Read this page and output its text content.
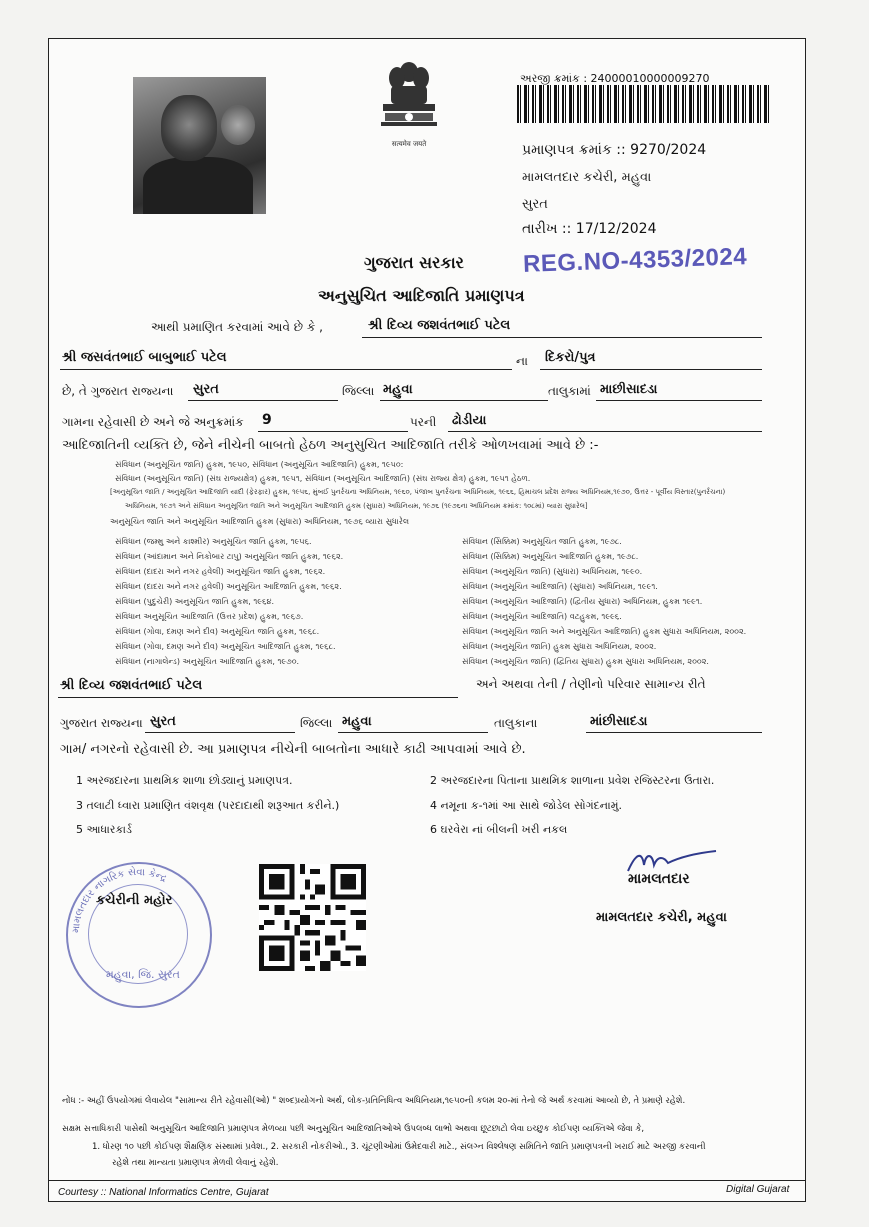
सत्यमेव जयते
અરજી ક્રમાંક : 24000010000009270
પ્રમાણપત્ર ક્રમાંક :: 9270/2024
મામલતદાર કચેરી, મહુવા
સુરત
તારીખ :: 17/12/2024
REG.NO-4353/2024
ગુજરાત સરકાર
અનુસુચિત આદિજાતિ પ્રમાણપત્ર
આથી પ્રમાણિત કરવામાં આવે છે કે ,	શ્રી દિવ્ય જશવંતભાઈ પટેલ
શ્રી જસવંતભાઈ બાબુભાઈ પટેલ	ના દિકરો/પુત્ર
છે, તે ગુજરાત રાજ્યના સુરત	જિલ્લા મહુવા	તાલુકામાં માછીસાદડા
ગામના રહેવાસી છે અને જે અનુક્રમાંક 9	પરની ઢોડીયા
આદિજાતિની વ્યક્તિ છે, જેને નીચેની બાબતો હેઠળ અનુસુચિત આદિજાતિ તરીકે ઓળખવામાં આવે છે :-
સંવિધાન (અનુસૂચિત જાતિ) હુકમ, ૧૯૫૦, સંવિધાન (અનુસૂચિત આદિજાતિ) હુકમ, ૧૯૫૦:
સંવિધાન (અનુસૂચિત જાતિ) (સંઘ રાજ્યક્ષેત્ર) હુકમ, ૧૯૫૧, સંવિધાન (અનુસૂચિત આદિજાતિ) (સંઘ રાજ્ય ક્ષેત્ર) હુકમ, ૧૯૫૧ હેઠળ.
[અનુસૂચિત જાતિ / અનુસૂચિત આદિજાતિ યાદી (ફેરફાર) હુકમ, ૧૯૫૬, મુંબઈ પુનર્રચના અધિનિયમ, ૧૯૬૦, પંજાબ પુનર્રચના અધિનિયમ, ૧૯૬૬, હિમાચલ પ્રદેશ રાજ્ય અધિનિયમ,૧૯૭૦, ઉત્તર - પૂર્વીય વિસ્તાર(પુનર્રચના)
અધિનિયમ, ૧૯૭૧ અને સંવિધાન અનુસૂચિત જાતિ અને અનુસૂચિત આદિજાતિ હુકમ (સુધારા) અધિનિયમ, ૧૯૭૬ (૧૯૭૬ના અધિનિયમ ક્રમાંક: ૧૦૮માં) વ્યારા સુધારેલ]
અનુસૂચિત જાતિ અને અનુસૂચિત આદિજાતિ હુકમ (સુધારા) અધિનિયમ, ૧૯૭૬ વ્યારા સુધારેલ
સંવિધાન (જમ્મુ અને કાશ્મીર) અનુસૂચિત જાતિ હુકમ, ૧૯૫૬.
સંવિધાન (આંદામાન અને નિકોબાર ટાપુ) અનુસૂચિત જાતિ હુકમ, ૧૯૬૨.
સંવિધાન (દાદરા અને નગર હવેલી) અનુસૂચિત જાતિ હુકમ, ૧૯૬૨.
સંવિધાન (દાદરા અને નગર હવેલી) અનુસૂચિત આદિજાતિ હુકમ, ૧૯૬૨.
સંવિધાન (પુદુચેરી) અનુસૂચિત જાતિ હુકમ, ૧૯૬૪.
સંવિધાન અનુસૂચિત આદિજાતિ (ઉત્તર પ્રદેશ) હુકમ, ૧૯૬૭.
સંવિધાન (ગોવા, દમણ અને દીવ) અનુસૂચિત જાતિ હુકમ, ૧૯૬૮.
સંવિધાન (ગોવા, દમણ અને દીવ) અનુસૂચિત આદિજાતિ હુકમ, ૧૯૬૮.
સંવિધાન (નાગાલેન્ડ) અનુસૂચિત આદિજાતિ હુકમ, ૧૯૭૦.
સંવિધાન (સિક્કિમ) અનુસૂચિત જાતિ હુકમ, ૧૯૭૮.
સંવિધાન (સિક્કિમ) અનુસૂચિત આદિજાતિ હુકમ, ૧૯૭૮.
સંવિધાન (અનુસૂચિત જાતિ) (સુધારા) અધિનિયમ, ૧૯૯૦.
સંવિધાન (અનુસૂચિત આદિજાતિ) (સુધારા) અધિનિયમ, ૧૯૯૧.
સંવિધાન (અનુસૂચિત આદિજાતિ) (દ્વિતીય સુધારા) અધિનિયમ, હુકમ ૧૯૯૧.
સંવિધાન (અનુસૂચિત આદિજાતિ) વટહુકમ, ૧૯૯૬.
સંવિધાન (અનુસૂચિત જાતિ અને અનુસૂચિત આદિજાતિ) હુકમ સુધારા અધિનિયમ, ૨૦૦૨.
સંવિધાન (અનુસૂચિત જાતિ) હુકમ સુધારા અધિનિયમ, ૨૦૦૨.
સંવિધાન (અનુસૂચિત જાતિ) (દ્વિતિય સુધારા) હુકમ સુધારા અધિનિયમ, ૨૦૦૨.
શ્રી દિવ્ય જશવંતભાઈ પટેલ	અને અથવા તેની / તેણીનો પરિવાર સામાન્ય રીતે
ગુજરાત રાજ્યના સુરત	જિલ્લા મહુવા	તાલુકાના	માંછીસાદડા
ગામ/ નગરનો રહેવાસી છે. આ પ્રમાણપત્ર નીચેની બાબતોના આધારે કાઢી આપવામાં આવે છે.
1 અરજદારના પ્રાથમિક શાળા છોડ્યાનું પ્રમાણપત્ર.	2 અરજદારના પિતાના પ્રાથમિક શાળાના પ્રવેશ રજિસ્ટરના ઉતારા.
3 તલાટી ધ્વારા પ્રમાણિત વંશવૃક્ષ (પરદાદાથી શરૂઆત કરીને.)	4 નમૂના ક-૧માં આ સાથે જોડેલ સોગંદનામું.
5 આધારકાર્ડ	6 ઘરવેરા નાં બીલની ખરી નકલ
મામલતદાર નાગરિક સેવા કેન્દ્ર
કચેરીની મહોર
મહુવા, જિ. સુરત
મામલતદાર
મામલતદાર કચેરી, મહુવા
નોંધ :- અહીં ઉપયોગમાં લેવાયેલ "સામાન્ય રીતે રહેવાસી(ઓ) " શબ્દપ્રયોગનો અર્થ, લોક-પ્રતિનિધિત્વ અધિનિયમ,૧૯૫૦ની કલમ ૨૦-માં તેનો જે અર્થ કરવામાં આવ્યો છે, તે પ્રમાણે રહેશે.
સક્ષમ સત્તાધિકારી પાસેથી અનુસૂચિત આદિજાતિ પ્રમાણપત્ર મેળવ્યા પછી અનુસૂચિત આદિજાતિઓએ ઉપલબ્ધ લાભો અથવા છૂટછાટો લેવા ઇચ્છુક કોઈપણ વ્યક્તિએ જેવા કે,
1. ધોરણ ૧૦ પછી કોઈપણ શૈક્ષણિક સંસ્થામાં પ્રવેશ., 2. સરકારી નોકરીઓ., 3. ચૂંટણીઓમાં ઉમેદવારી માટે., સંલગ્ન વિશ્લેષણ સમિતિને જાતિ પ્રમાણપત્રની ખરાઈ માટે અરજી કરવાની
રહેશે તથા માન્યતા પ્રમાણપત્ર મેળવી લેવાનું રહેશે.
Courtesy :: National Informatics Centre, Gujarat	Digital Gujarat
